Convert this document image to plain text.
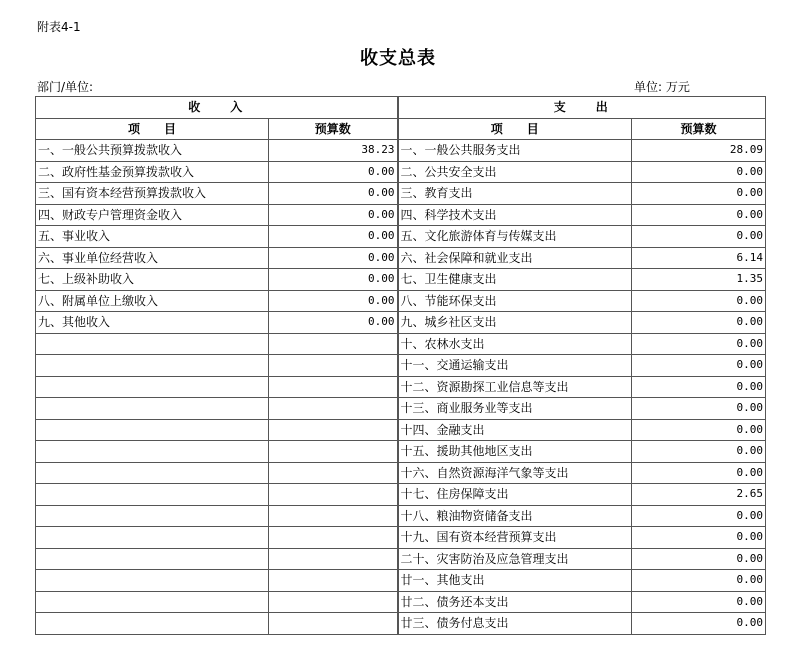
附表4-1
收支总表
部门/单位:	单位: 万元
收　　入		支　　出	
项　　目	预算数	项　　目	预算数
一、一般公共预算拨款收入	38.23	一、一般公共服务支出	28.09
二、政府性基金预算拨款收入	0.00	二、公共安全支出	0.00
三、国有资本经营预算拨款收入	0.00	三、教育支出	0.00
四、财政专户管理资金收入	0.00	四、科学技术支出	0.00
五、事业收入	0.00	五、文化旅游体育与传媒支出	0.00
六、事业单位经营收入	0.00	六、社会保障和就业支出	6.14
七、上级补助收入	0.00	七、卫生健康支出	1.35
八、附属单位上缴收入	0.00	八、节能环保支出	0.00
九、其他收入	0.00	九、城乡社区支出	0.00
		十、农林水支出	0.00
		十一、交通运输支出	0.00
		十二、资源勘探工业信息等支出	0.00
		十三、商业服务业等支出	0.00
		十四、金融支出	0.00
		十五、援助其他地区支出	0.00
		十六、自然资源海洋气象等支出	0.00
		十七、住房保障支出	2.65
		十八、粮油物资储备支出	0.00
		十九、国有资本经营预算支出	0.00
		二十、灾害防治及应急管理支出	0.00
		廿一、其他支出	0.00
		廿二、债务还本支出	0.00
		廿三、债务付息支出	0.00
